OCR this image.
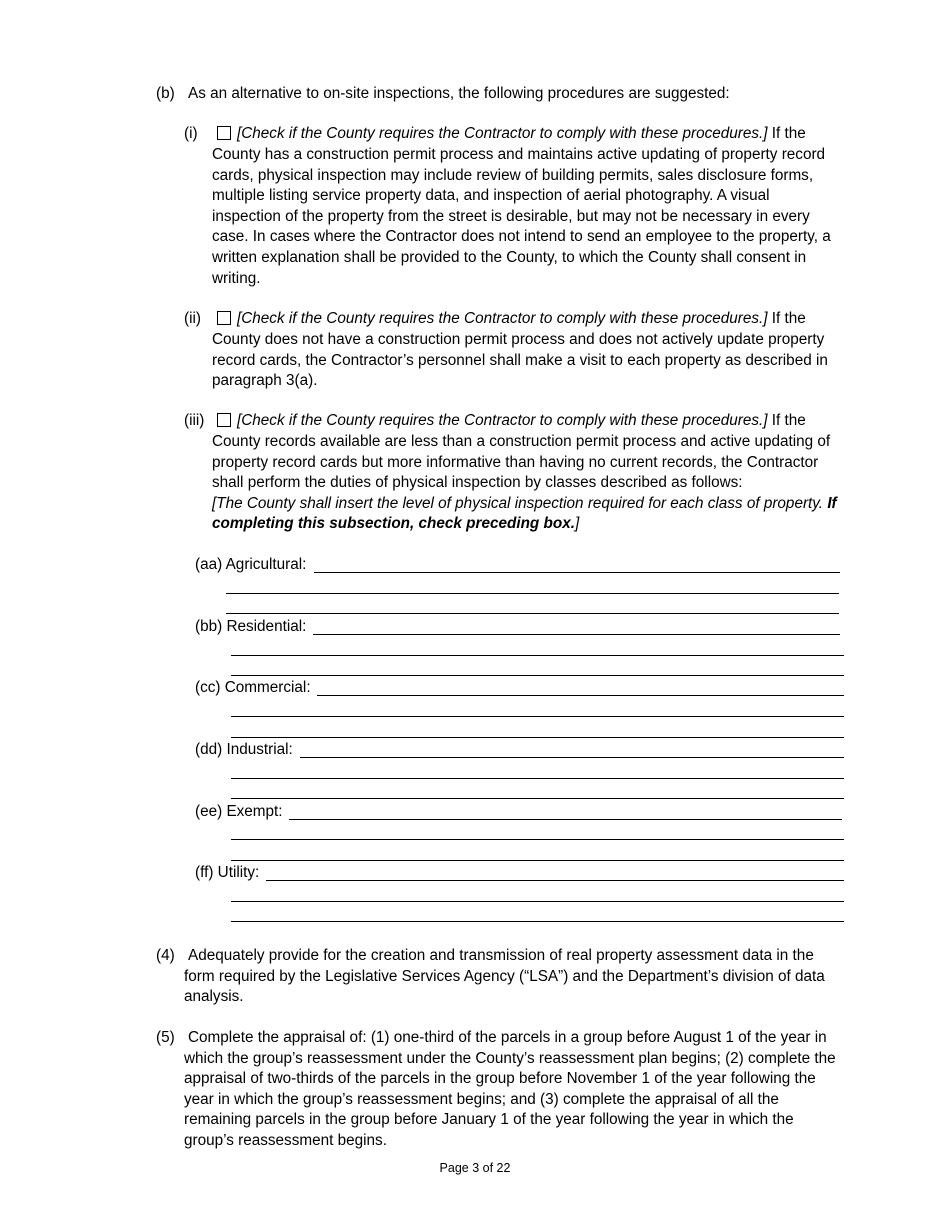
(b) As an alternative to on-site inspections, the following procedures are suggested:
(i)	[Check if the County requires the Contractor to comply with these procedures.] If the
County has a construction permit process and maintains active updating of property record
cards, physical inspection may include review of building permits, sales disclosure forms,
multiple listing service property data, and inspection of aerial photography. A visual
inspection of the property from the street is desirable, but may not be necessary in every
case. In cases where the Contractor does not intend to send an employee to the property, a
written explanation shall be provided to the County, to which the County shall consent in
writing.
(ii)	[Check if the County requires the Contractor to comply with these procedures.] If the
County does not have a construction permit process and does not actively update property
record cards, the Contractor’s personnel shall make a visit to each property as described in
paragraph 3(a).
(iii)	[Check if the County requires the Contractor to comply with these procedures.] If the
County records available are less than a construction permit process and active updating of
property record cards but more informative than having no current records, the Contractor
shall perform the duties of physical inspection by classes described as follows:
[The County shall insert the level of physical inspection required for each class of property. If
completing this subsection, check preceding box.]
(aa) Agricultural:
(bb) Residential:
(cc) Commercial:
(dd) Industrial:
(ee) Exempt:
(ff) Utility:
(4) Adequately provide for the creation and transmission of real property assessment data in the
form required by the Legislative Services Agency (“LSA”) and the Department’s division of data
analysis.
(5) Complete the appraisal of: (1) one-third of the parcels in a group before August 1 of the year in
which the group’s reassessment under the County’s reassessment plan begins; (2) complete the
appraisal of two-thirds of the parcels in the group before November 1 of the year following the
year in which the group’s reassessment begins; and (3) complete the appraisal of all the
remaining parcels in the group before January 1 of the year following the year in which the
group’s reassessment begins.
Page 3 of 22
